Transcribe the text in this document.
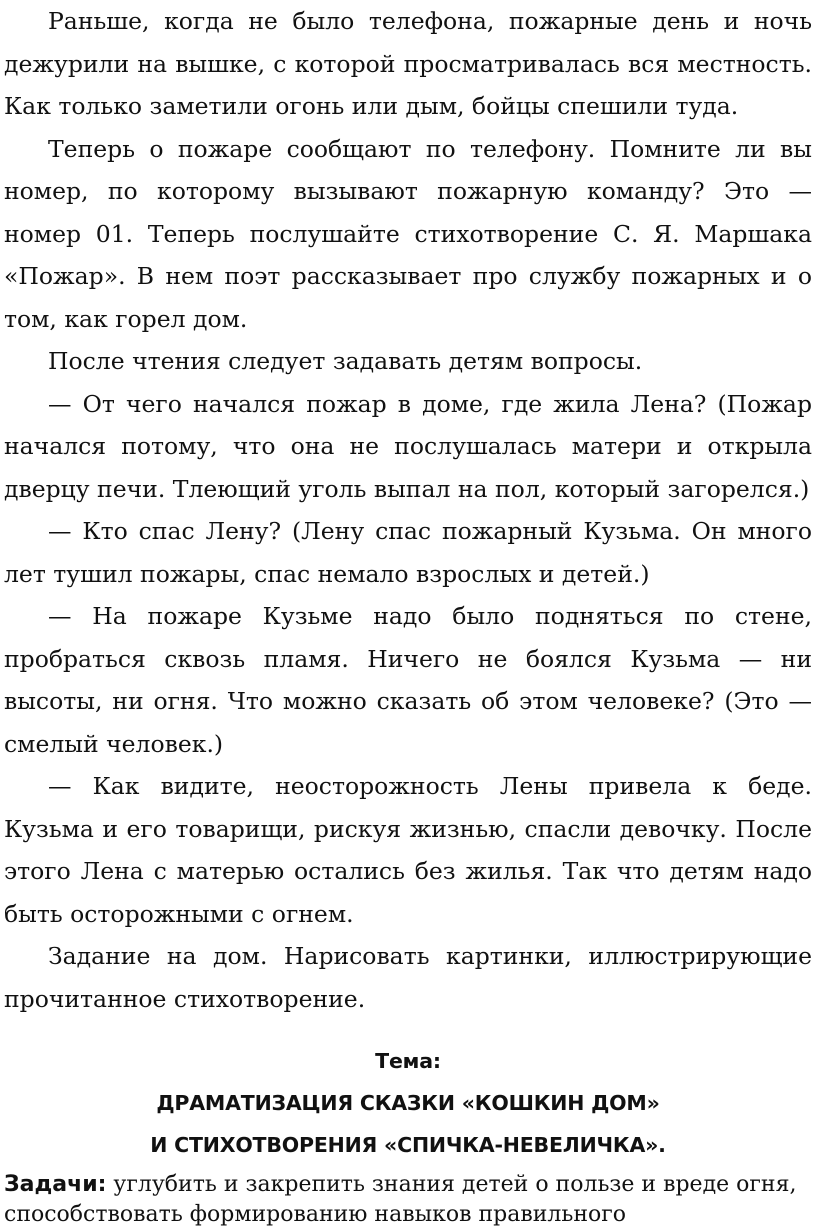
Раньше, когда не было телефона, пожарные день и ночь дежурили на вышке, с которой просматривалась вся местность. Как только заметили огонь или дым, бойцы спешили туда.

Теперь о пожаре сообщают по телефону. Помните ли вы номер, по которому вызывают пожарную команду? Это — номер 01. Теперь послушайте стихотворение С. Я. Маршака «Пожар». В нем поэт рассказывает про службу пожарных и о том, как горел дом.

После чтения следует задавать детям вопросы.

— От чего начался пожар в доме, где жила Лена? (Пожар начался потому, что она не послушалась матери и открыла дверцу печи. Тлеющий уголь выпал на пол, который загорелся.)

— Кто спас Лену? (Лену спас пожарный Кузьма. Он много лет тушил пожары, спас немало взрослых и детей.)

— На пожаре Кузьме надо было подняться по стене, пробраться сквозь пламя. Ничего не боялся Кузьма — ни высоты, ни огня. Что можно сказать об этом человеке? (Это — смелый человек.)

— Как видите, неосторожность Лены привела к беде. Кузьма и его товарищи, рискуя жизнью, спасли девочку. После этого Лена с матерью остались без жилья. Так что детям надо быть осторожными с огнем.

Задание на дом. Нарисовать картинки, иллюстрирующие прочитанное стихотворение.

Тема:

ДРАМАТИЗАЦИЯ СКАЗКИ «КОШКИН ДОМ»

И СТИХОТВОРЕНИЯ «СПИЧКА-НЕВЕЛИЧКА».

Задачи: углубить и закрепить знания детей о пользе и вреде огня, способствовать формированию навыков правильного
